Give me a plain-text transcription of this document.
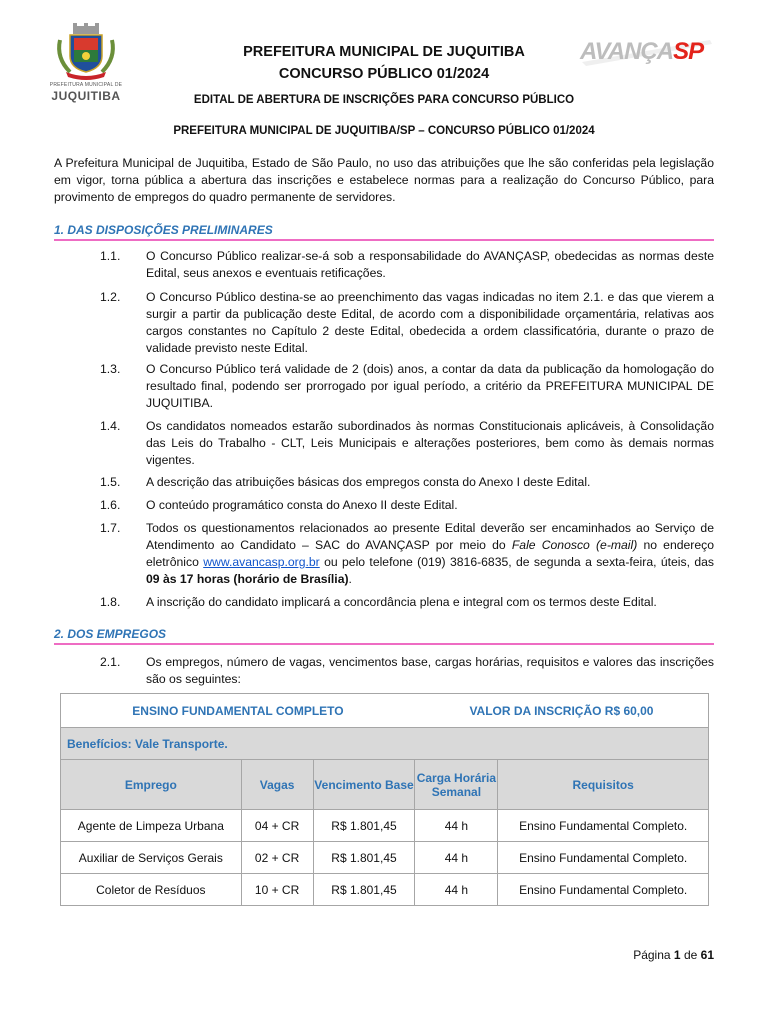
PREFEITURA MUNICIPAL DE
JUQUITIBA
AVANÇASP
PREFEITURA MUNICIPAL DE JUQUITIBA
CONCURSO PÚBLICO 01/2024
EDITAL DE ABERTURA DE INSCRIÇÕES PARA CONCURSO PÚBLICO
PREFEITURA MUNICIPAL DE JUQUITIBA/SP – CONCURSO PÚBLICO 01/2024
A Prefeitura Municipal de Juquitiba, Estado de São Paulo, no uso das atribuições que lhe são conferidas pela legislação em vigor, torna pública a abertura das inscrições e estabelece normas para a realização do Concurso Público, para provimento de empregos do quadro permanente de servidores.
1. DAS DISPOSIÇÕES PRELIMINARES
1.1.	O Concurso Público realizar-se-á sob a responsabilidade do AVANÇASP, obedecidas as normas deste Edital, seus anexos e eventuais retificações.
1.2.	O Concurso Público destina-se ao preenchimento das vagas indicadas no item 2.1. e das que vierem a surgir a partir da publicação deste Edital, de acordo com a disponibilidade orçamentária, relativas aos cargos constantes no Capítulo 2 deste Edital, obedecida a ordem classificatória, durante o prazo de validade previsto neste Edital.
1.3.	O Concurso Público terá validade de 2 (dois) anos, a contar da data da publicação da homologação do resultado final, podendo ser prorrogado por igual período, a critério da PREFEITURA MUNICIPAL DE JUQUITIBA.
1.4.	Os candidatos nomeados estarão subordinados às normas Constitucionais aplicáveis, à Consolidação das Leis do Trabalho - CLT, Leis Municipais e alterações posteriores, bem como às demais normas vigentes.
1.5.	A descrição das atribuições básicas dos empregos consta do Anexo I deste Edital.
1.6.	O conteúdo programático consta do Anexo II deste Edital.
1.7.	Todos os questionamentos relacionados ao presente Edital deverão ser encaminhados ao Serviço de Atendimento ao Candidato – SAC do AVANÇASP por meio do Fale Conosco (e-mail) no endereço eletrônico www.avancasp.org.br ou pelo telefone (019) 3816-6835, de segunda a sexta-feira, úteis, das 09 às 17 horas (horário de Brasília).
1.8.	A inscrição do candidato implicará a concordância plena e integral com os termos deste Edital.
2. DOS EMPREGOS
2.1.	Os empregos, número de vagas, vencimentos base, cargas horárias, requisitos e valores das inscrições são os seguintes:
ENSINO FUNDAMENTAL COMPLETO			VALOR DA INSCRIÇÃO R$ 60,00	
Benefícios: Vale Transporte.				
Emprego	Vagas	Vencimento Base	Carga Horária Semanal	Requisitos
Agente de Limpeza Urbana	04 + CR	R$ 1.801,45	44 h	Ensino Fundamental Completo.
Auxiliar de Serviços Gerais	02 + CR	R$ 1.801,45	44 h	Ensino Fundamental Completo.
Coletor de Resíduos	10 + CR	R$ 1.801,45	44 h	Ensino Fundamental Completo.
Página 1 de 61
